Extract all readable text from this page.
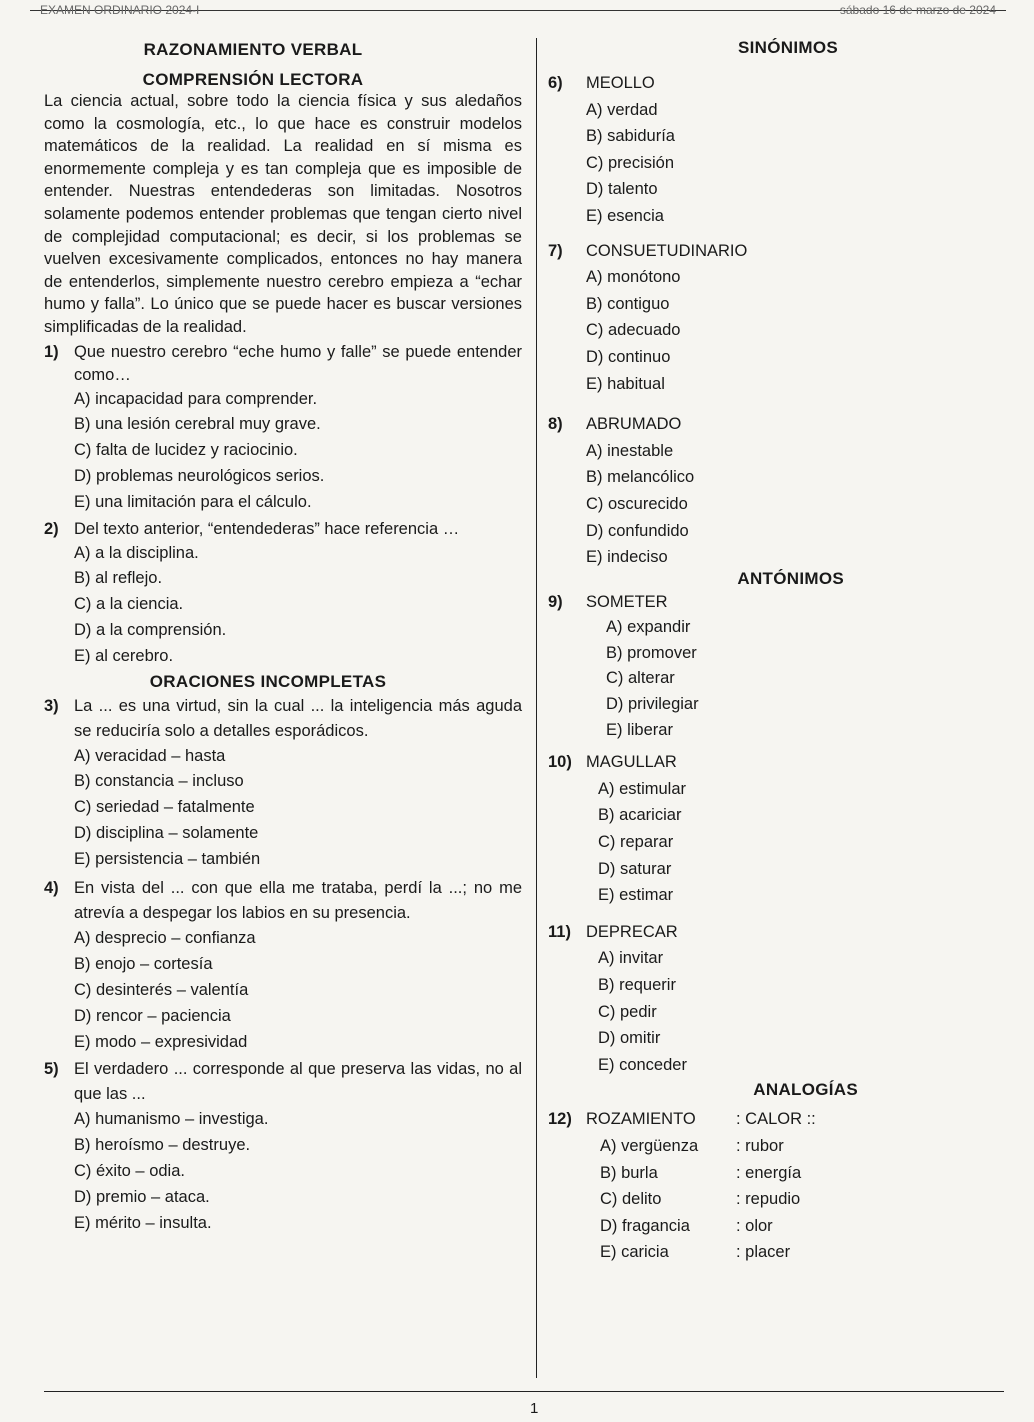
EXAMEN ORDINARIO 2024-I	sábado 16 de marzo de 2024
RAZONAMIENTO VERBAL
COMPRENSIÓN LECTORA

La ciencia actual, sobre todo la ciencia física y sus aledaños como la cosmología, etc., lo que hace es construir modelos matemáticos de la realidad. La realidad en sí misma es enormemente compleja y es tan compleja que es imposible de entender. Nuestras entendederas son limitadas. Nosotros solamente podemos entender problemas que tengan cierto nivel de complejidad computacional; es decir, si los problemas se vuelven excesivamente complicados, entonces no hay manera de entenderlos, simplemente nuestro cerebro empieza a “echar humo y falla”. Lo único que se puede hacer es buscar versiones simplificadas de la realidad.

1) Que nuestro cerebro “eche humo y falle” se puede entender como…
A) incapacidad para comprender.
B) una lesión cerebral muy grave.
C) falta de lucidez y raciocinio.
D) problemas neurológicos serios.
E) una limitación para el cálculo.
2) Del texto anterior, “entendederas” hace referencia …
A) a la disciplina.
B) al reflejo.
C) a la ciencia.
D) a la comprensión.
E) al cerebro.
ORACIONES INCOMPLETAS
3) La ... es una virtud, sin la cual ... la inteligencia más aguda se reduciría solo a detalles esporádicos.
A) veracidad – hasta
B) constancia – incluso
C) seriedad – fatalmente
D) disciplina – solamente
E) persistencia – también
4) En vista del ... con que ella me trataba, perdí la ...; no me atrevía a despegar los labios en su presencia.
A) desprecio – confianza
B) enojo – cortesía
C) desinterés – valentía
D) rencor – paciencia
E) modo – expresividad
5) El verdadero ... corresponde al que preserva las vidas, no al que las ...
A) humanismo – investiga.
B) heroísmo – destruye.
C) éxito – odia.
D) premio – ataca.
E) mérito – insulta.
SINÓNIMOS
6) MEOLLO
A) verdad
B) sabiduría
C) precisión
D) talento
E) esencia
7) CONSUETUDINARIO
A) monótono
B) contiguo
C) adecuado
D) continuo
E) habitual
8) ABRUMADO
A) inestable
B) melancólico
C) oscurecido
D) confundido
E) indeciso
ANTÓNIMOS
9) SOMETER
A) expandir
B) promover
C) alterar
D) privilegiar
E) liberar
10) MAGULLAR
A) estimular
B) acariciar
C) reparar
D) saturar
E) estimar
11) DEPRECAR
A) invitar
B) requerir
C) pedir
D) omitir
E) conceder
ANALOGÍAS
12) ROZAMIENTO	: CALOR ::
A) vergüenza	: rubor
B) burla	: energía
C) delito	: repudio
D) fragancia	: olor
E) caricia	: placer
1
